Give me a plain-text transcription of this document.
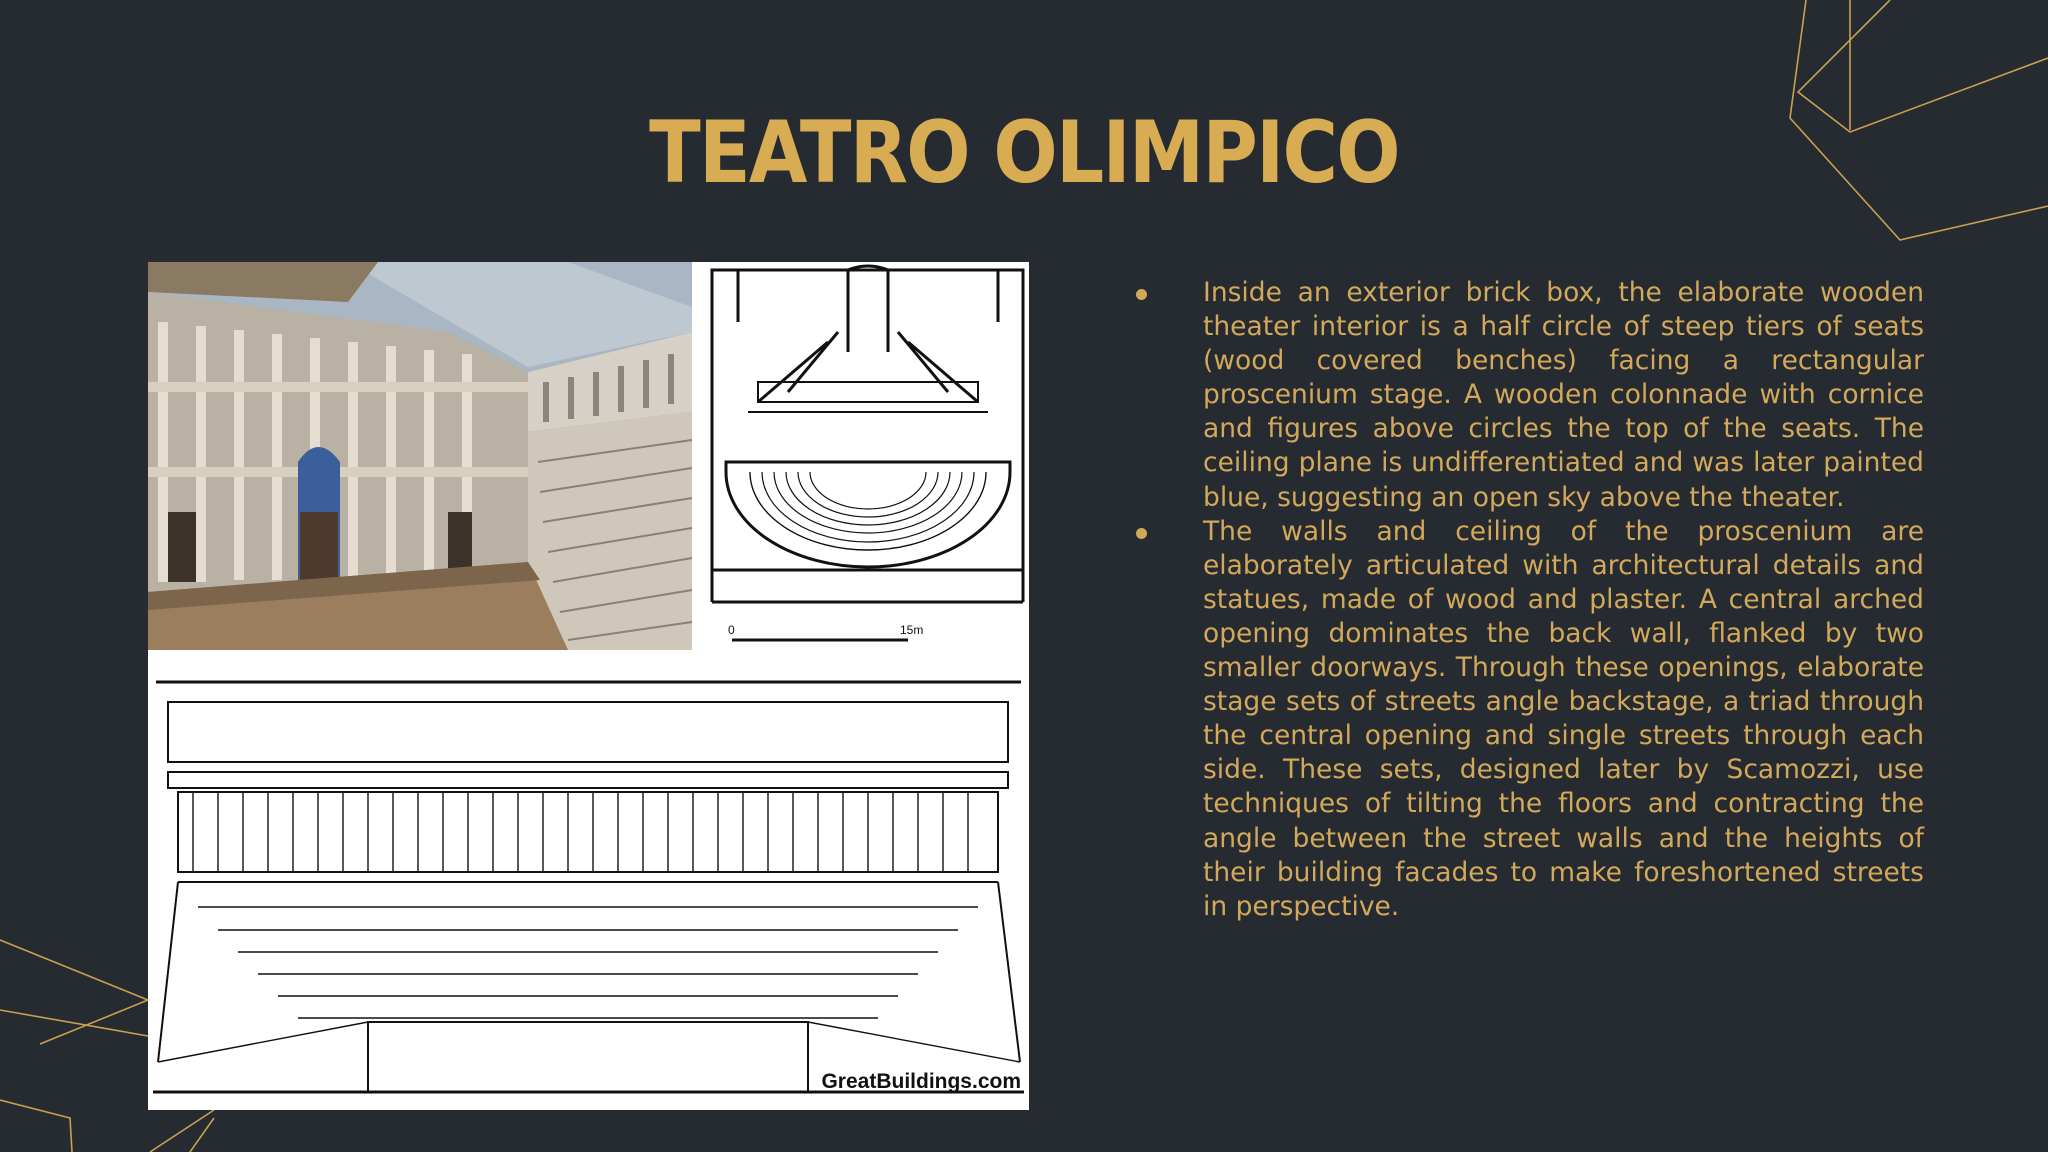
TEATRO OLIMPICO
0	15m
GreatBuildings.com
Inside an exterior brick box, the elaborate wooden theater interior is a half circle of steep tiers of seats (wood covered benches) facing a rectangular proscenium stage. A wooden colonnade with cornice and figures above circles the top of the seats. The ceiling plane is undifferentiated and was later painted blue, suggesting an open sky above the theater.
The walls and ceiling of the proscenium are elaborately articulated with architectural details and statues, made of wood and plaster. A central arched opening dominates the back wall, flanked by two smaller doorways. Through these openings, elaborate stage sets of streets angle backstage, a triad through the central opening and single streets through each side. These sets, designed later by Scamozzi, use techniques of tilting the floors and contracting the angle between the street walls and the heights of their building facades to make foreshortened streets in perspective.
